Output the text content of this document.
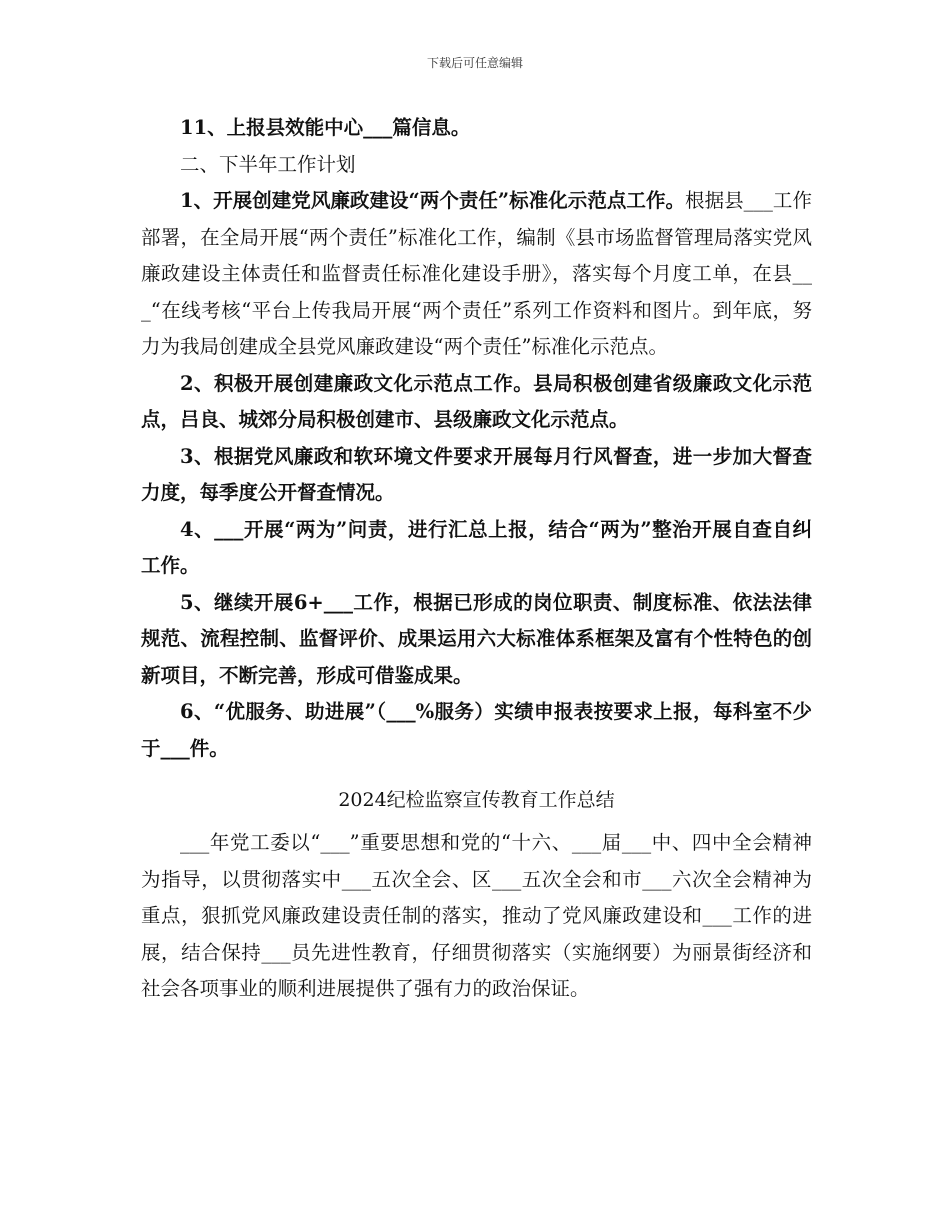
下载后可任意编辑

11、上报县效能中心___篇信息。

二、下半年工作计划

1、开展创建党风廉政建设“两个责任”标准化示范点工作。根据县___工作部署，在全局开展“两个责任”标准化工作，编制《县市场监督管理局落实党风廉政建设主体责任和监督责任标准化建设手册》，落实每个月度工单，在县___“在线考核“平台上传我局开展“两个责任”系列工作资料和图片。到年底，努力为我局创建成全县党风廉政建设“两个责任”标准化示范点。

2、积极开展创建廉政文化示范点工作。县局积极创建省级廉政文化示范点，吕良、城郊分局积极创建市、县级廉政文化示范点。

3、根据党风廉政和软环境文件要求开展每月行风督查，进一步加大督查力度，每季度公开督查情况。

4、___开展“两为”问责，进行汇总上报，结合“两为”整治开展自查自纠工作。

5、继续开展6+___工作，根据已形成的岗位职责、制度标准、依法法律规范、流程控制、监督评价、成果运用六大标准体系框架及富有个性特色的创新项目，不断完善，形成可借鉴成果。

6、“优服务、助进展”（___%服务）实绩申报表按要求上报，每科室不少于___件。

2024纪检监察宣传教育工作总结

___年党工委以“___”重要思想和党的“十六、___届___中、四中全会精神为指导，以贯彻落实中___五次全会、区___五次全会和市___六次全会精神为重点，狠抓党风廉政建设责任制的落实，推动了党风廉政建设和___工作的进展，结合保持___员先进性教育，仔细贯彻落实（实施纲要）为丽景街经济和社会各项事业的顺利进展提供了强有力的政治保证。
